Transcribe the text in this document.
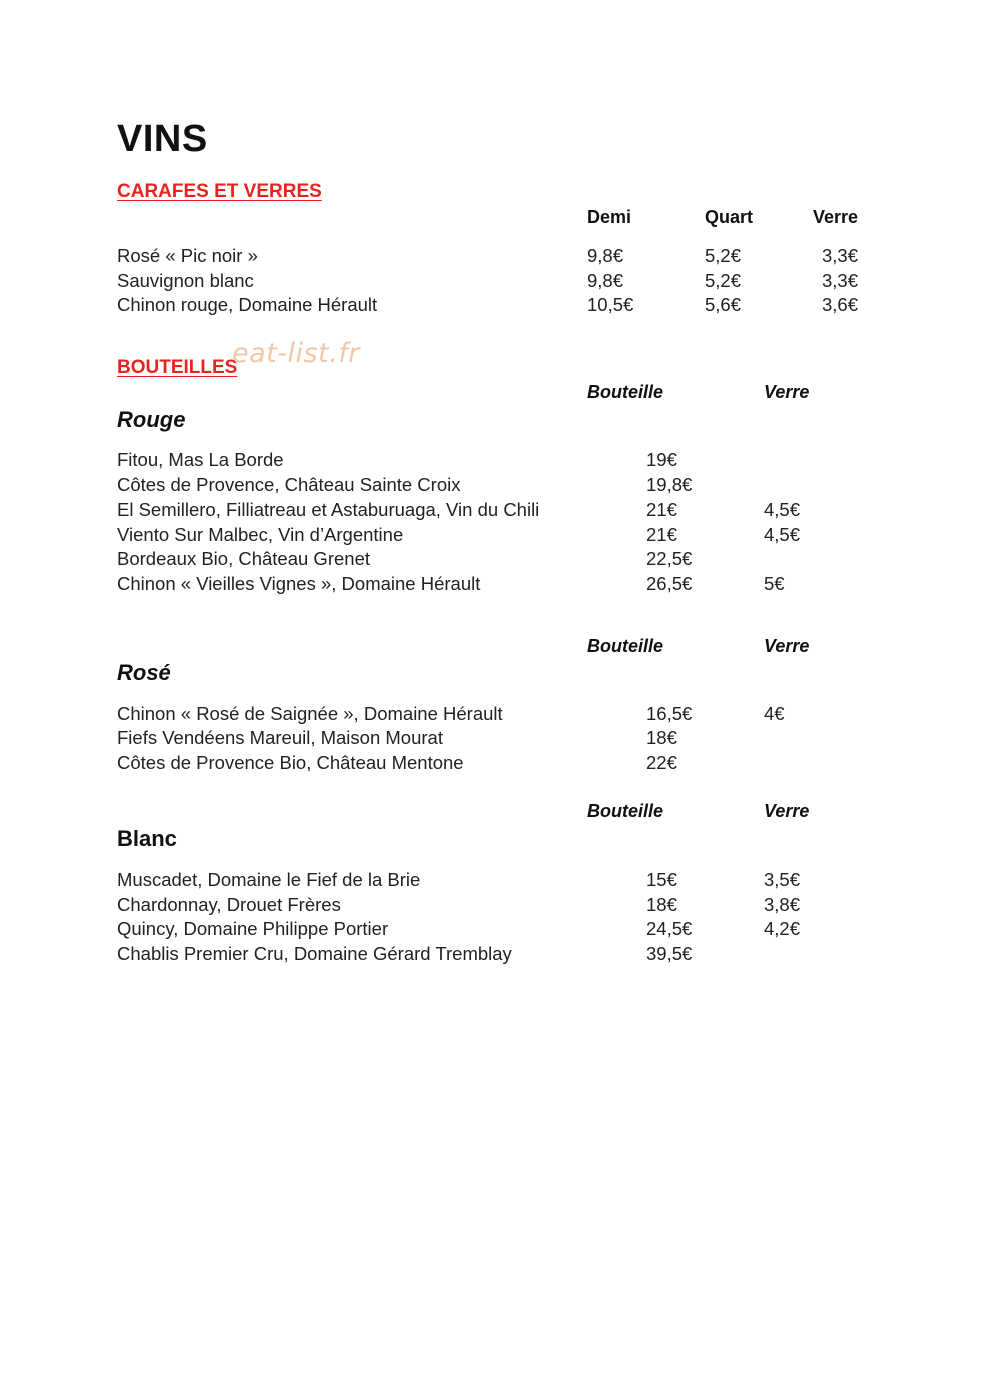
VINS
CARAFES ET VERRES
Demi	Quart	Verre
Rosé « Pic noir »	9,8€	5,2€	3,3€
Sauvignon blanc	9,8€	5,2€	3,3€
Chinon rouge, Domaine Hérault	10,5€	5,6€	3,6€
BOUTEILLES
eat-list.fr
Bouteille	Verre
Rouge
Fitou, Mas La Borde	19€
Côtes de Provence, Château Sainte Croix	19,8€
El Semillero, Filliatreau et Astaburuaga, Vin du Chili	21€	4,5€
Viento Sur Malbec, Vin d’Argentine	21€	4,5€
Bordeaux Bio, Château Grenet	22,5€
Chinon « Vieilles Vignes », Domaine Hérault	26,5€	5€
Bouteille	Verre
Rosé
Chinon « Rosé de Saignée », Domaine Hérault	16,5€	4€
Fiefs Vendéens Mareuil, Maison Mourat	18€
Côtes de Provence Bio, Château Mentone	22€
Bouteille	Verre
Blanc
Muscadet, Domaine le Fief de la Brie	15€	3,5€
Chardonnay, Drouet Frères	18€	3,8€
Quincy, Domaine Philippe Portier	24,5€	4,2€
Chablis Premier Cru, Domaine Gérard Tremblay	39,5€
